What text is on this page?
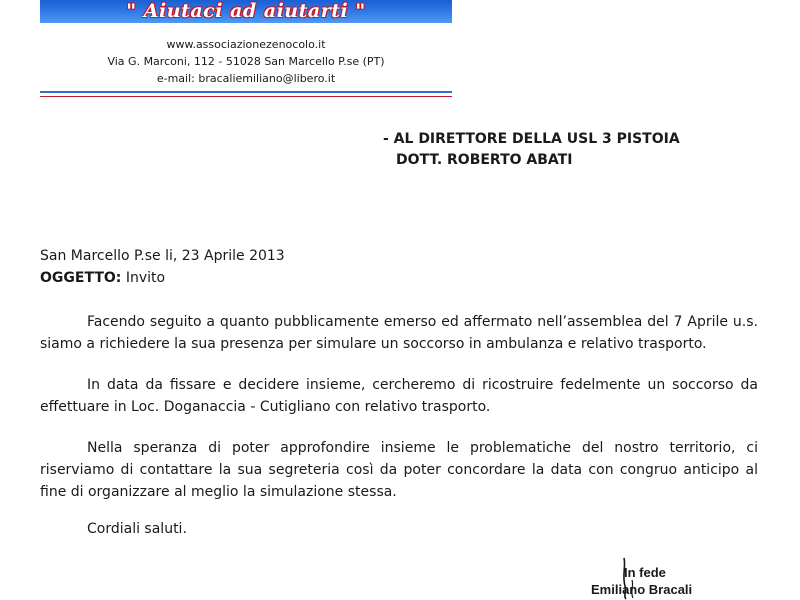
" Aiutaci ad aiutarti "
www.associazionezenocolo.it
Via G. Marconi, 112 - 51028 San Marcello P.se (PT)
e-mail: bracaliemiliano@libero.it
- AL DIRETTORE DELLA USL 3 PISTOIA
DOTT. ROBERTO ABATI
San Marcello P.se li, 23 Aprile 2013
OGGETTO: Invito
Facendo seguito a quanto pubblicamente emerso ed affermato nell’assemblea del 7 Aprile u.s. siamo a richiedere la sua presenza per simulare un soccorso in ambulanza e relativo trasporto.
In data da fissare e decidere insieme, cercheremo di ricostruire fedelmente un soccorso da effettuare in Loc. Doganaccia - Cutigliano con relativo trasporto.
Nella speranza di poter approfondire insieme le problematiche del nostro territorio, ci riserviamo di contattare la sua segreteria così da poter concordare la data con congruo anticipo al fine di organizzare al meglio la simulazione stessa.
Cordiali saluti.
In fede
Emiliano Bracali
